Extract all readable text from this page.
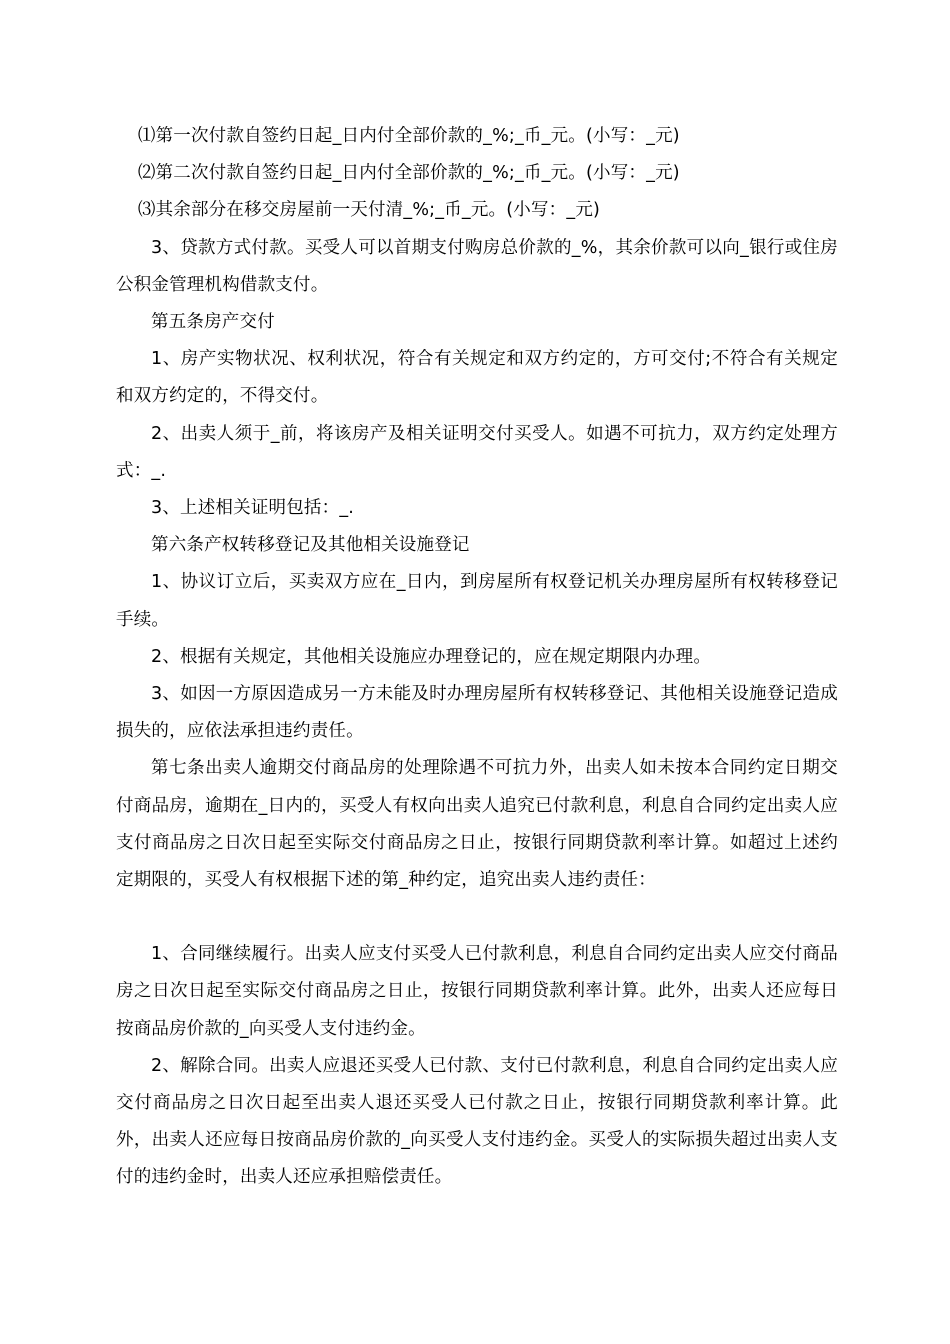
⑴第一次付款自签约日起_日内付全部价款的_%;_币_元。(小写：_元)

⑵第二次付款自签约日起_日内付全部价款的_%;_币_元。(小写：_元)

⑶其余部分在移交房屋前一天付清_%;_币_元。(小写：_元)

3、贷款方式付款。买受人可以首期支付购房总价款的_%，其余价款可以向_银行或住房公积金管理机构借款支付。

第五条房产交付

1、房产实物状况、权利状况，符合有关规定和双方约定的，方可交付;不符合有关规定和双方约定的，不得交付。

2、出卖人须于_前，将该房产及相关证明交付买受人。如遇不可抗力，双方约定处理方式：_.

3、上述相关证明包括：_.

第六条产权转移登记及其他相关设施登记

1、协议订立后，买卖双方应在_日内，到房屋所有权登记机关办理房屋所有权转移登记手续。

2、根据有关规定，其他相关设施应办理登记的，应在规定期限内办理。

3、如因一方原因造成另一方未能及时办理房屋所有权转移登记、其他相关设施登记造成损失的，应依法承担违约责任。

第七条出卖人逾期交付商品房的处理除遇不可抗力外，出卖人如未按本合同约定日期交付商品房，逾期在_日内的，买受人有权向出卖人追究已付款利息，利息自合同约定出卖人应支付商品房之日次日起至实际交付商品房之日止，按银行同期贷款利率计算。如超过上述约定期限的，买受人有权根据下述的第_种约定，追究出卖人违约责任：

1、合同继续履行。出卖人应支付买受人已付款利息，利息自合同约定出卖人应交付商品房之日次日起至实际交付商品房之日止，按银行同期贷款利率计算。此外，出卖人还应每日按商品房价款的_向买受人支付违约金。

2、解除合同。出卖人应退还买受人已付款、支付已付款利息，利息自合同约定出卖人应交付商品房之日次日起至出卖人退还买受人已付款之日止，按银行同期贷款利率计算。此外，出卖人还应每日按商品房价款的_向买受人支付违约金。买受人的实际损失超过出卖人支付的违约金时，出卖人还应承担赔偿责任。
